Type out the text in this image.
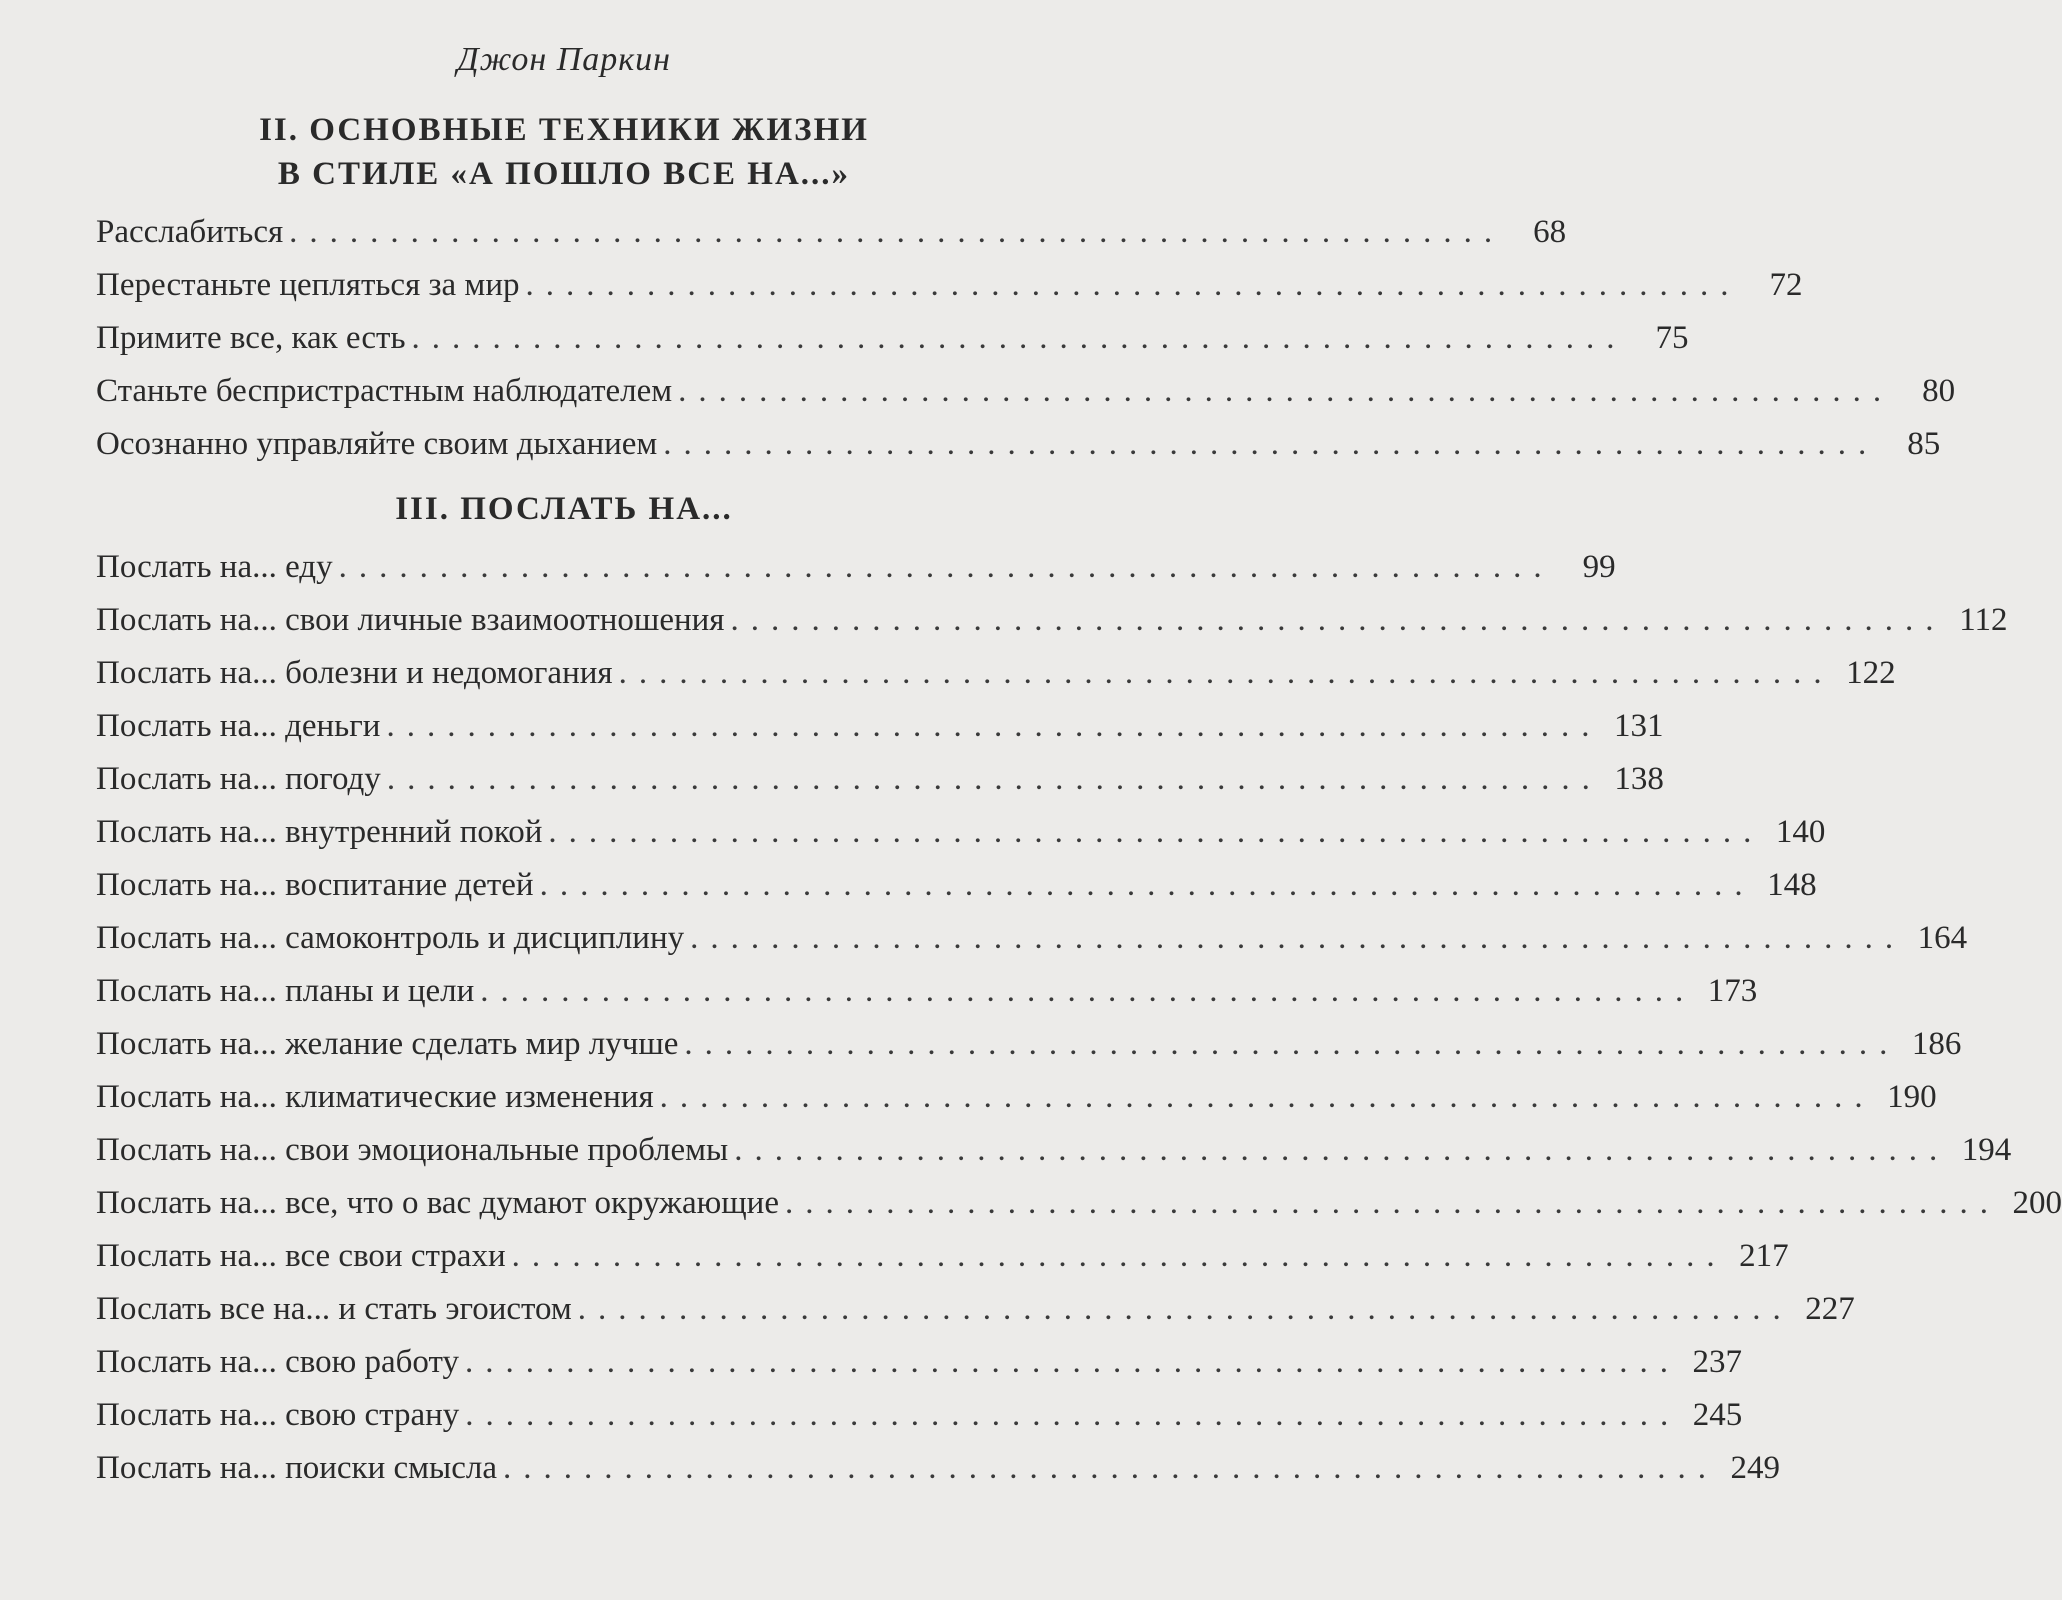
Джон Паркин
II. ОСНОВНЫЕ ТЕХНИКИ ЖИЗНИ
В СТИЛЕ «А ПОШЛО ВСЕ НА...»
Расслабиться ............................................................ 68
Перестаньте цепляться за мир ............................................................ 72
Примите все, как есть ............................................................ 75
Станьте беспристрастным наблюдателем ............................................................ 80
Осознанно управляйте своим дыханием ............................................................ 85
III. ПОСЛАТЬ НА...
Послать на... еду ............................................................ 99
Послать на... свои личные взаимоотношения ............................................................ 112
Послать на... болезни и недомогания ............................................................ 122
Послать на... деньги ............................................................ 131
Послать на... погоду ............................................................ 138
Послать на... внутренний покой ............................................................ 140
Послать на... воспитание детей ............................................................ 148
Послать на... самоконтроль и дисциплину ............................................................ 164
Послать на... планы и цели ............................................................ 173
Послать на... желание сделать мир лучше ............................................................ 186
Послать на... климатические изменения ............................................................ 190
Послать на... свои эмоциональные проблемы ............................................................ 194
Послать на... все, что о вас думают окружающие ............................................................ 200
Послать на... все свои страхи ............................................................ 217
Послать все на... и стать эгоистом ............................................................ 227
Послать на... свою работу ............................................................ 237
Послать на... свою страну ............................................................ 245
Послать на... поиски смысла ............................................................ 249
